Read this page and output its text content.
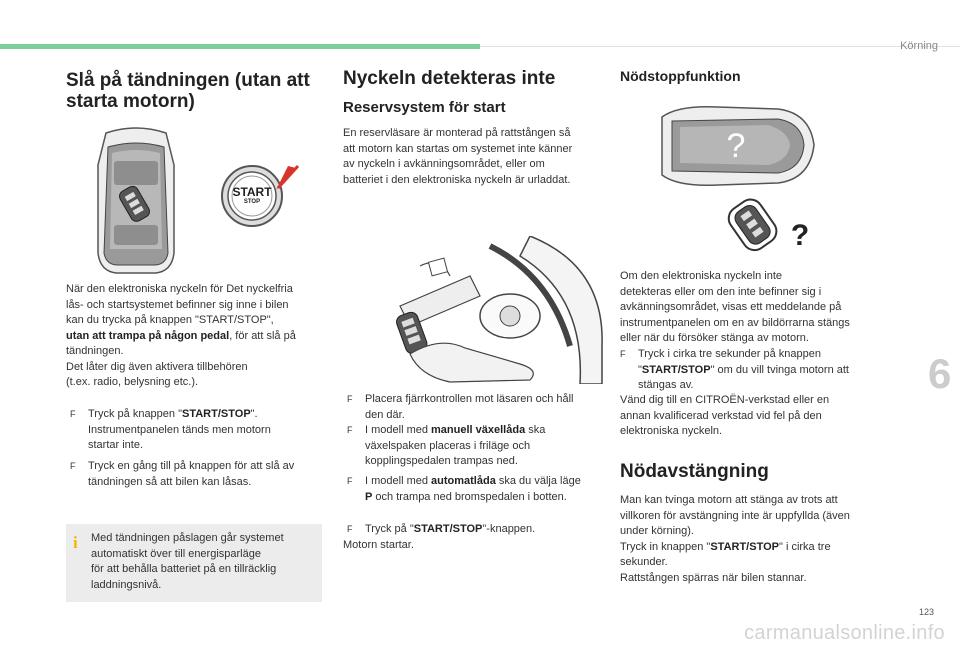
Körning
6
123
carmanualsonline.info
Slå på tändningen (utan att
starta motorn)
START
STOP

När den elektroniska nyckeln för Det nyckelfria

lås- och startsystemet befinner sig inne i bilen

kan du trycka på knappen "START/STOP",

utan att trampa på någon pedal, för att slå på

tändningen.

Det låter dig även aktivera tillbehören

(t.ex. radio, belysning etc.).

F Tryck på knappen "START/STOP".
Instrumentpanelen tänds men motorn
startar inte.
F Tryck en gång till på knappen för att slå av
tändningen så att bilen kan låsas.
i Med tändningen påslagen går systemet

automatiskt över till energisparläge

för att behålla batteriet på en tillräcklig

laddningsnivå.

Nyckeln detekteras inte
Reservsystem för start

En reservläsare är monterad på rattstången så

att motorn kan startas om systemet inte känner

av nyckeln i avkänningsområdet, eller om

batteriet i den elektroniska nyckeln är urladdat.

F Placera fjärrkontrollen mot läsaren och håll
den där.
F I modell med manuell växellåda ska
växelspaken placeras i friläge och
kopplingspedalen trampas ned.
F I modell med automatlåda ska du välja läge
P och trampa ned bromspedalen i botten.
F Tryck på "START/STOP"-knappen.

Motorn startar.

Nödstoppfunktion
?
?

Om den elektroniska nyckeln inte

detekteras eller om den inte befinner sig i

avkänningsområdet, visas ett meddelande på

instrumentpanelen om en av bildörrarna stängs

eller när du försöker stänga av motorn.

F Tryck i cirka tre sekunder på knappen
"START/STOP" om du vill tvinga motorn att
stängas av.

Vänd dig till en CITROËN-verkstad eller en

annan kvalificerad verkstad vid fel på den

elektroniska nyckeln.

Nödavstängning

Man kan tvinga motorn att stänga av trots att

villkoren för avstängning inte är uppfyllda (även

under körning).

Tryck in knappen "START/STOP" i cirka tre

sekunder.

Rattstången spärras när bilen stannar.
